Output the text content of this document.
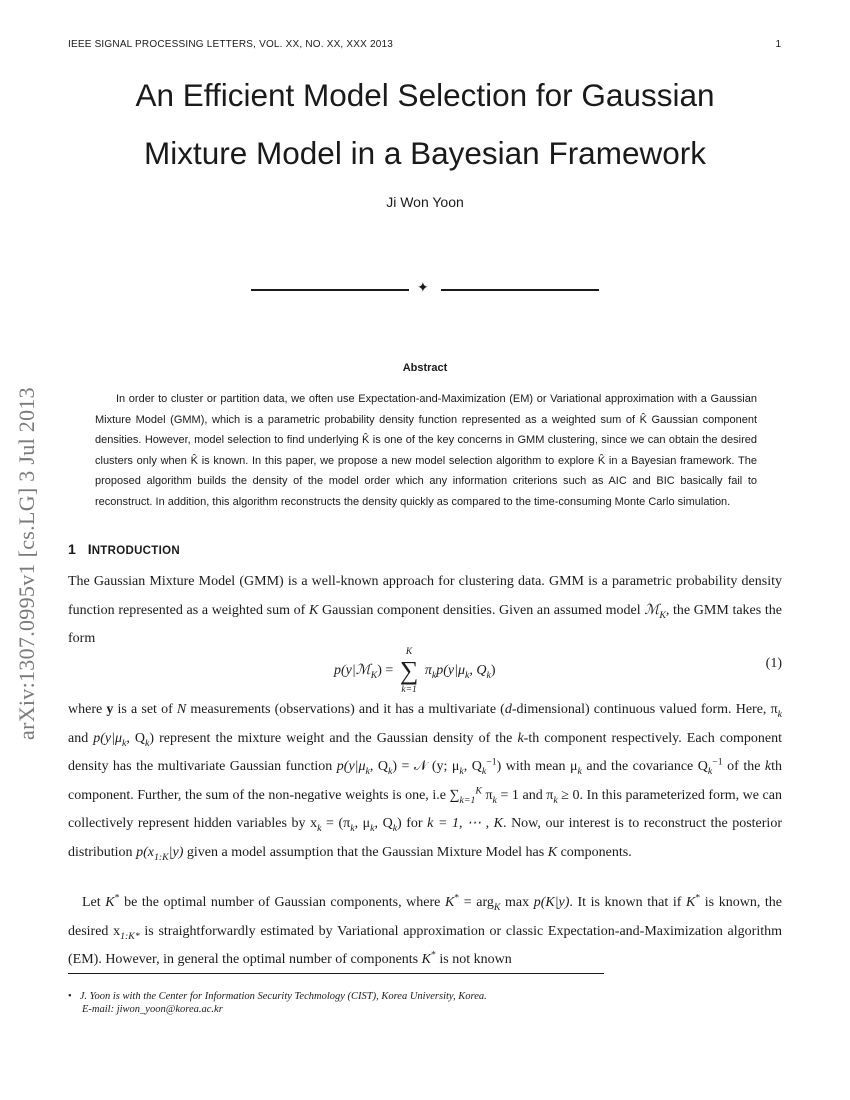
IEEE SIGNAL PROCESSING LETTERS, VOL. XX, NO. XX, XXX 2013	1
An Efficient Model Selection for Gaussian
Mixture Model in a Bayesian Framework
Ji Won Yoon
✦
arXiv:1307.0995v1 [cs.LG] 3 Jul 2013
Abstract

In order to cluster or partition data, we often use Expectation-and-Maximization (EM) or Variational approximation with a Gaussian Mixture Model (GMM), which is a parametric probability density function represented as a weighted sum of K̂ Gaussian component densities. However, model selection to find underlying K̂ is one of the key concerns in GMM clustering, since we can obtain the desired clusters only when K̂ is known. In this paper, we propose a new model selection algorithm to explore K̂ in a Bayesian framework. The proposed algorithm builds the density of the model order which any information criterions such as AIC and BIC basically fail to reconstruct. In addition, this algorithm reconstructs the density quickly as compared to the time-consuming Monte Carlo simulation.

1 INTRODUCTION

The Gaussian Mixture Model (GMM) is a well-known approach for clustering data. GMM is a parametric probability density function represented as a weighted sum of K Gaussian component densities. Given an assumed model ℳ$_K$, the GMM takes the form

p(y|ℳ$_K$) =
K
∑
k=1
$\pi_kp(y|\mu_k$, $Q_k$)	(1)

where y is a set of N measurements (observations) and it has a multivariate (d-dimensional) continuous valued form. Here, $\pi_k$ and $p(y|\mu_k$, $Q_k$) represent the mixture weight and the Gaussian density of the k-th component respectively. Each component density has the multivariate Gaussian function $p(y|\mu_k$, $Q_k$) = 𝒩 (y; $\mu_k$, $Q_k^{-1}$) with mean $\mu_k$ and the covariance $Q_k^{-1}$ of the kth component. Further, the sum of the non-negative weights is one, i.e $\sum_{k=1}^K$ $\pi_k = 1$ and $\pi_k \ge 0$. In this parameterized form, we can collectively represent hidden variables by $x_k = (\pi_k$, $\mu_k$, $Q_k$) for k = 1, ⋯ , K. Now, our interest is to reconstruct the posterior distribution $p(x_{1:K}|y)$ given a model assumption that the Gaussian Mixture Model has K components.

Let K* be the optimal number of Gaussian components, where K* = arg$_K$ max p(K|y). It is known that if K* is known, the desired $x_{1:K*}$ is straightforwardly estimated by Variational approximation or classic Expectation-and-Maximization algorithm (EM). However, in general the optimal number of components K* is not known

• J. Yoon is with the Center for Information Security Techmology (CIST), Korea University, Korea.
E-mail: jiwon_yoon@korea.ac.kr
